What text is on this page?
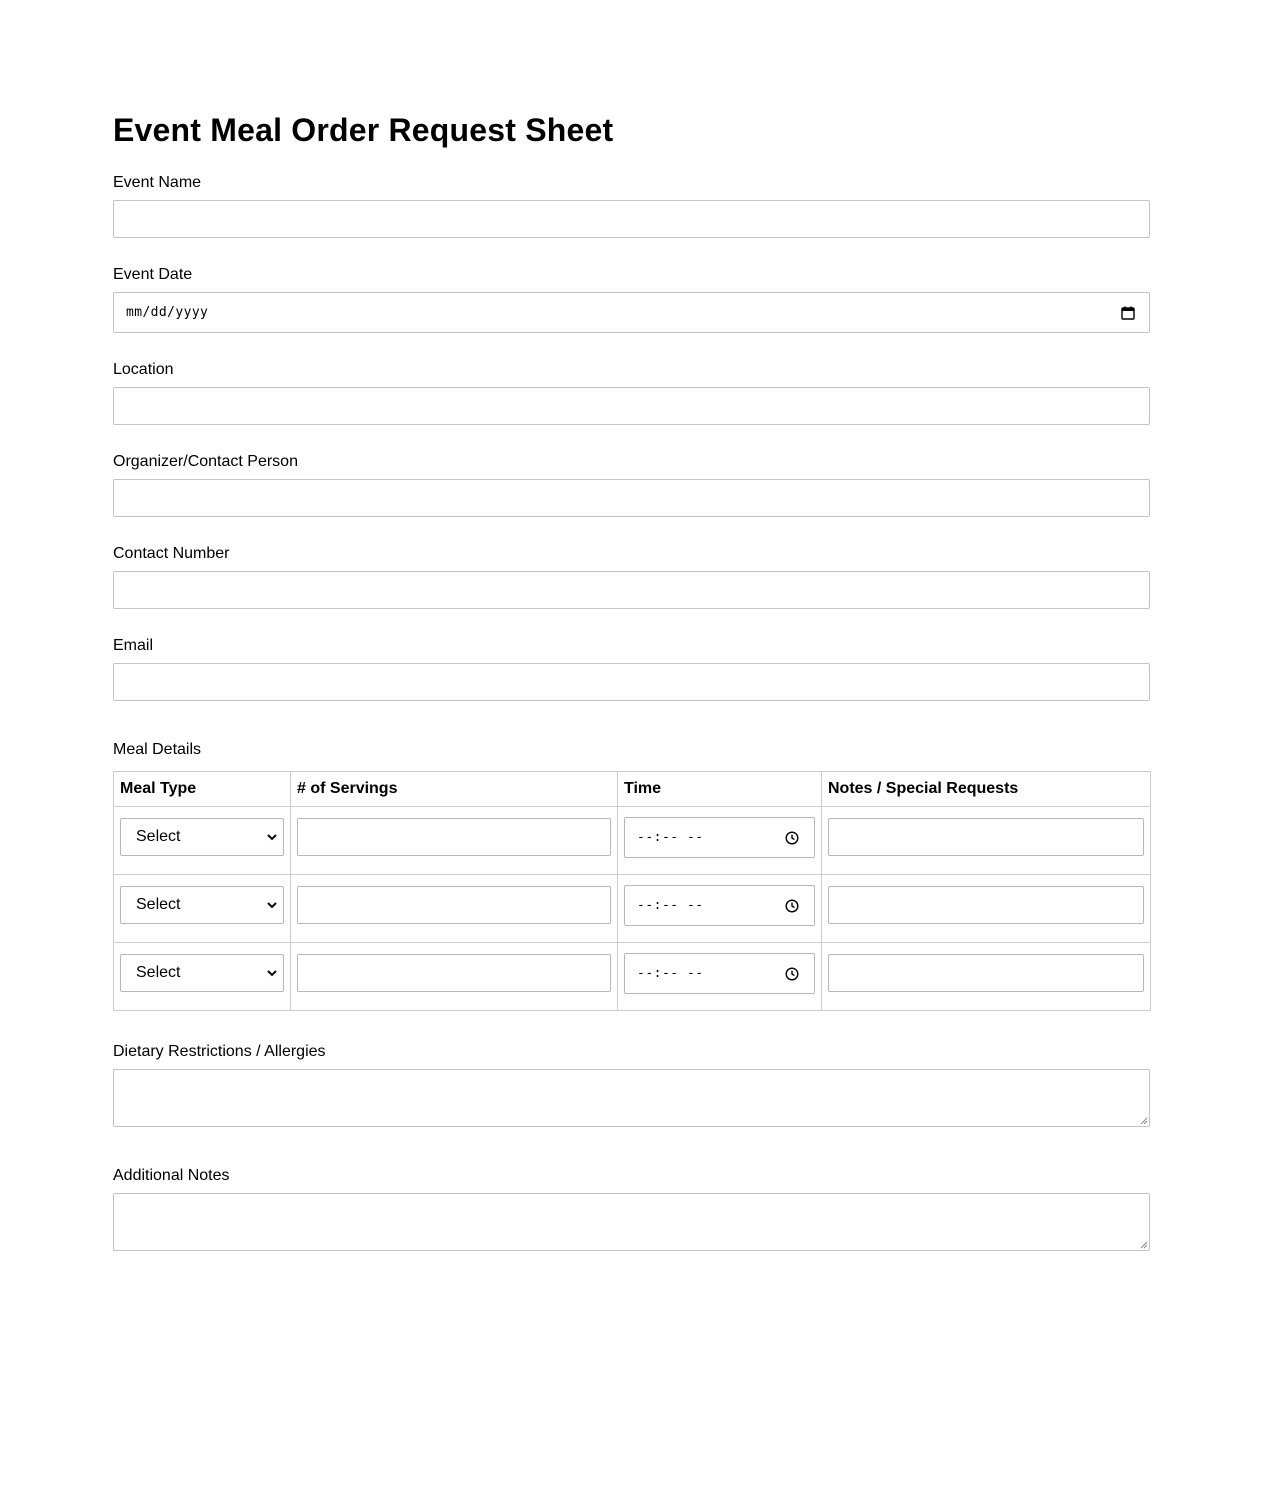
Event Meal Order Request Sheet
Event Name
Event Date
mm/dd/yyyy
Location
Organizer/Contact Person
Contact Number
Email
Meal Details
Meal Type	# of Servings	Time	Notes / Special Requests

Select		--:-- --	

Select		--:-- --	

Select		--:-- --	

Dietary Restrictions / Allergies
Additional Notes
